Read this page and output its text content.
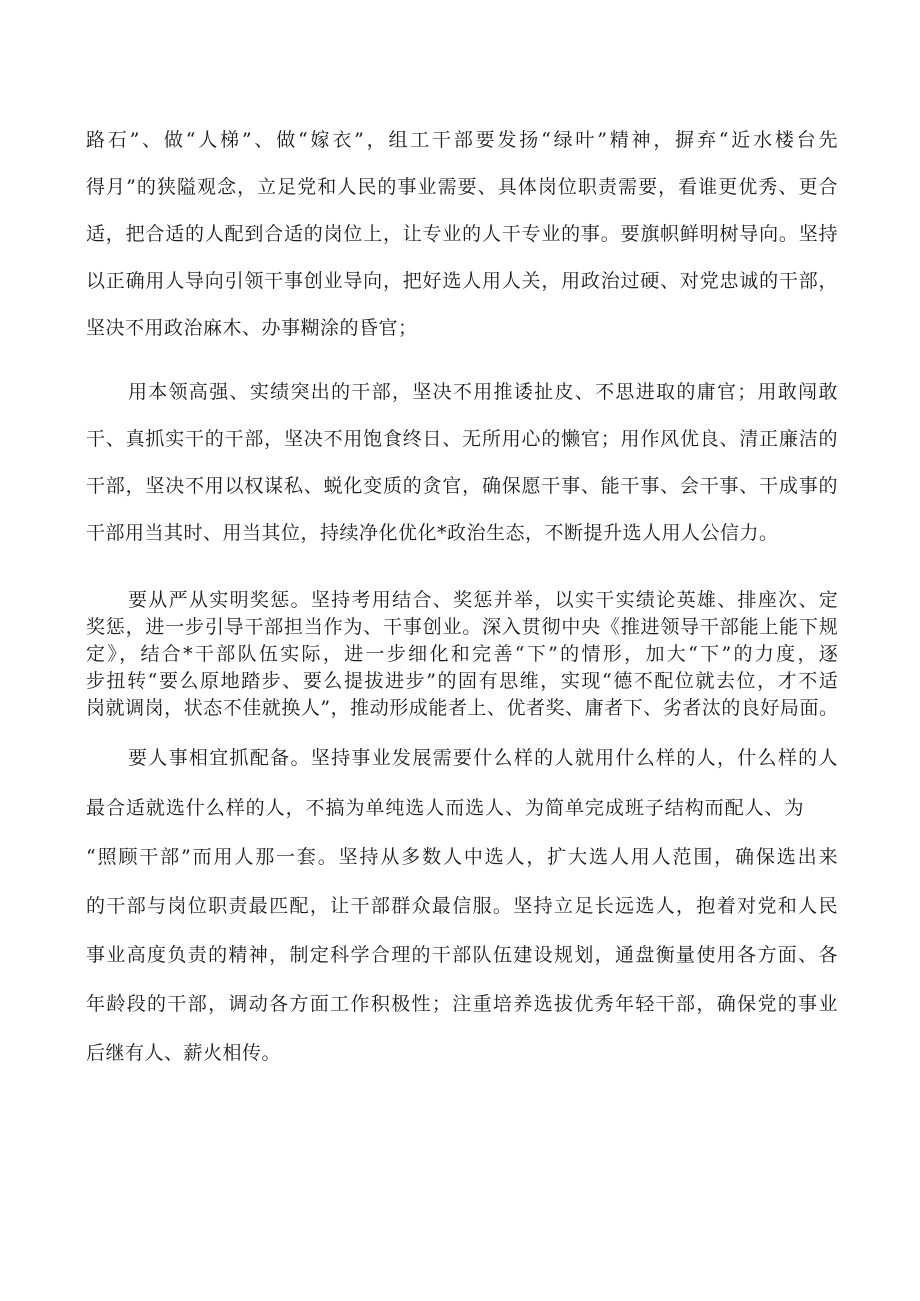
路石”、做“人梯”、做“嫁衣”，组工干部要发扬“绿叶”精神，摒弃“近水楼台先
得月”的狭隘观念，立足党和人民的事业需要、具体岗位职责需要，看谁更优秀、更合
适，把合适的人配到合适的岗位上，让专业的人干专业的事。要旗帜鲜明树导向。坚持
以正确用人导向引领干事创业导向，把好选人用人关，用政治过硬、对党忠诚的干部，
坚决不用政治麻木、办事糊涂的昏官；
用本领高强、实绩突出的干部，坚决不用推诿扯皮、不思进取的庸官；用敢闯敢
干、真抓实干的干部，坚决不用饱食终日、无所用心的懒官；用作风优良、清正廉洁的
干部，坚决不用以权谋私、蜕化变质的贪官，确保愿干事、能干事、会干事、干成事的
干部用当其时、用当其位，持续净化优化*政治生态，不断提升选人用人公信力。
要从严从实明奖惩。坚持考用结合、奖惩并举，以实干实绩论英雄、排座次、定
奖惩，进一步引导干部担当作为、干事创业。深入贯彻中央《推进领导干部能上能下规
定》，结合*干部队伍实际，进一步细化和完善“下”的情形，加大“下”的力度，逐
步扭转“要么原地踏步、要么提拔进步”的固有思维，实现“德不配位就去位，才不适
岗就调岗，状态不佳就换人”，推动形成能者上、优者奖、庸者下、劣者汰的良好局面。
要人事相宜抓配备。坚持事业发展需要什么样的人就用什么样的人，什么样的人
最合适就选什么样的人，不搞为单纯选人而选人、为简单完成班子结构而配人、为
“照顾干部”而用人那一套。坚持从多数人中选人，扩大选人用人范围，确保选出来
的干部与岗位职责最匹配，让干部群众最信服。坚持立足长远选人，抱着对党和人民
事业高度负责的精神，制定科学合理的干部队伍建设规划，通盘衡量使用各方面、各
年龄段的干部，调动各方面工作积极性；注重培养选拔优秀年轻干部，确保党的事业
后继有人、薪火相传。
